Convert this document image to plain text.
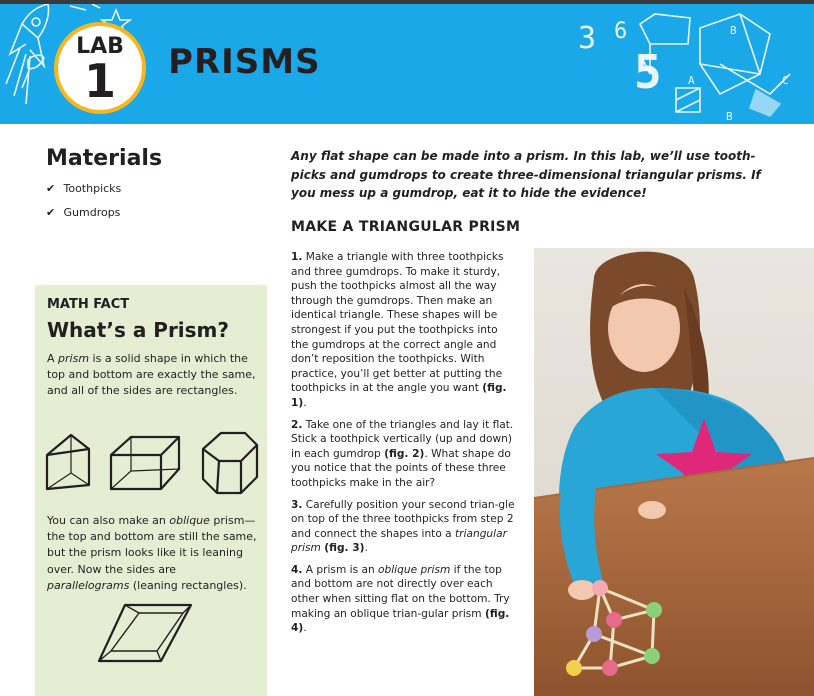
3 6
5
B
A	C
B
LAB
1	PRISMS
Materials
✔ Toothpicks
✔ Gumdrops
MATH FACT
What’s a Prism?

A prism is a solid shape in which the top and bottom are exactly the same, and all of the sides are rectangles.

You can also make an oblique prism—the top and bottom are still the same, but the prism looks like it is leaning over. Now the sides are parallelograms (leaning rectangles).

Any flat shape can be made into a prism. In this lab, we’ll use tooth-picks and gumdrops to create three-dimensional triangular prisms. If you mess up a gumdrop, eat it to hide the evidence!

MAKE A TRIANGULAR PRISM

1. Make a triangle with three toothpicks and three gumdrops. To make it sturdy, push the toothpicks almost all the way through the gumdrops. Then make an identical triangle. These shapes will be strongest if you put the toothpicks into the gumdrops at the correct angle and don’t reposition the toothpicks. With practice, you’ll get better at putting the toothpicks in at the angle you want (fig. 1).

2. Take one of the triangles and lay it flat. Stick a toothpick vertically (up and down) in each gumdrop (fig. 2). What shape do you notice that the points of these three toothpicks make in the air?

3. Carefully position your second trian-gle on top of the three toothpicks from step 2 and connect the shapes into a triangular prism (fig. 3).

4. A prism is an oblique prism if the top and bottom are not directly over each other when sitting flat on the bottom. Try making an oblique trian-gular prism (fig. 4).
